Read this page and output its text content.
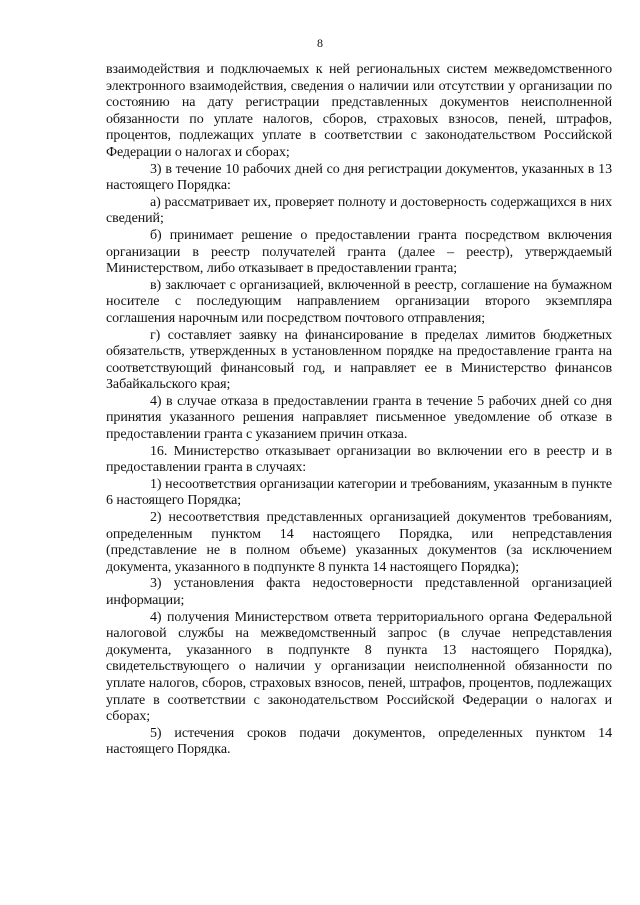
8

взаимодействия и подключаемых к ней региональных систем межведомственного электронного взаимодействия, сведения о наличии или отсутствии у организации по состоянию на дату регистрации представленных документов неисполненной обязанности по уплате налогов, сборов, страховых взносов, пеней, штрафов, процентов, подлежащих уплате в соответствии с законодательством Российской Федерации о налогах и сборах;

3) в течение 10 рабочих дней со дня регистрации документов, указанных в 13 настоящего Порядка:

а) рассматривает их, проверяет полноту и достоверность содержащихся в них сведений;

б) принимает решение о предоставлении гранта посредством включения организации в реестр получателей гранта (далее – реестр), утверждаемый Министерством, либо отказывает в предоставлении гранта;

в) заключает с организацией, включенной в реестр, соглашение на бумажном носителе с последующим направлением организации второго экземпляра соглашения нарочным или посредством почтового отправления;

г) составляет заявку на финансирование в пределах лимитов бюджетных обязательств, утвержденных в установленном порядке на предоставление гранта на соответствующий финансовый год, и направляет ее в Министерство финансов Забайкальского края;

4) в случае отказа в предоставлении гранта в течение 5 рабочих дней со дня принятия указанного решения направляет письменное уведомление об отказе в предоставлении гранта с указанием причин отказа.

16. Министерство отказывает организации во включении его в реестр и в предоставлении гранта в случаях:

1) несоответствия организации категории и требованиям, указанным в пункте 6 настоящего Порядка;

2) несоответствия представленных организацией документов требованиям, определенным пунктом 14 настоящего Порядка, или непредставления (представление не в полном объеме) указанных документов (за исключением документа, указанного в подпункте 8 пункта 14 настоящего Порядка);

3) установления факта недостоверности представленной организацией информации;

4) получения Министерством ответа территориального органа Федеральной налоговой службы на межведомственный запрос (в случае непредставления документа, указанного в подпункте 8 пункта 13 настоящего Порядка), свидетельствующего о наличии у организации неисполненной обязанности по уплате налогов, сборов, страховых взносов, пеней, штрафов, процентов, подлежащих уплате в соответствии с законодательством Российской Федерации о налогах и сборах;

5) истечения сроков подачи документов, определенных пунктом 14 настоящего Порядка.
